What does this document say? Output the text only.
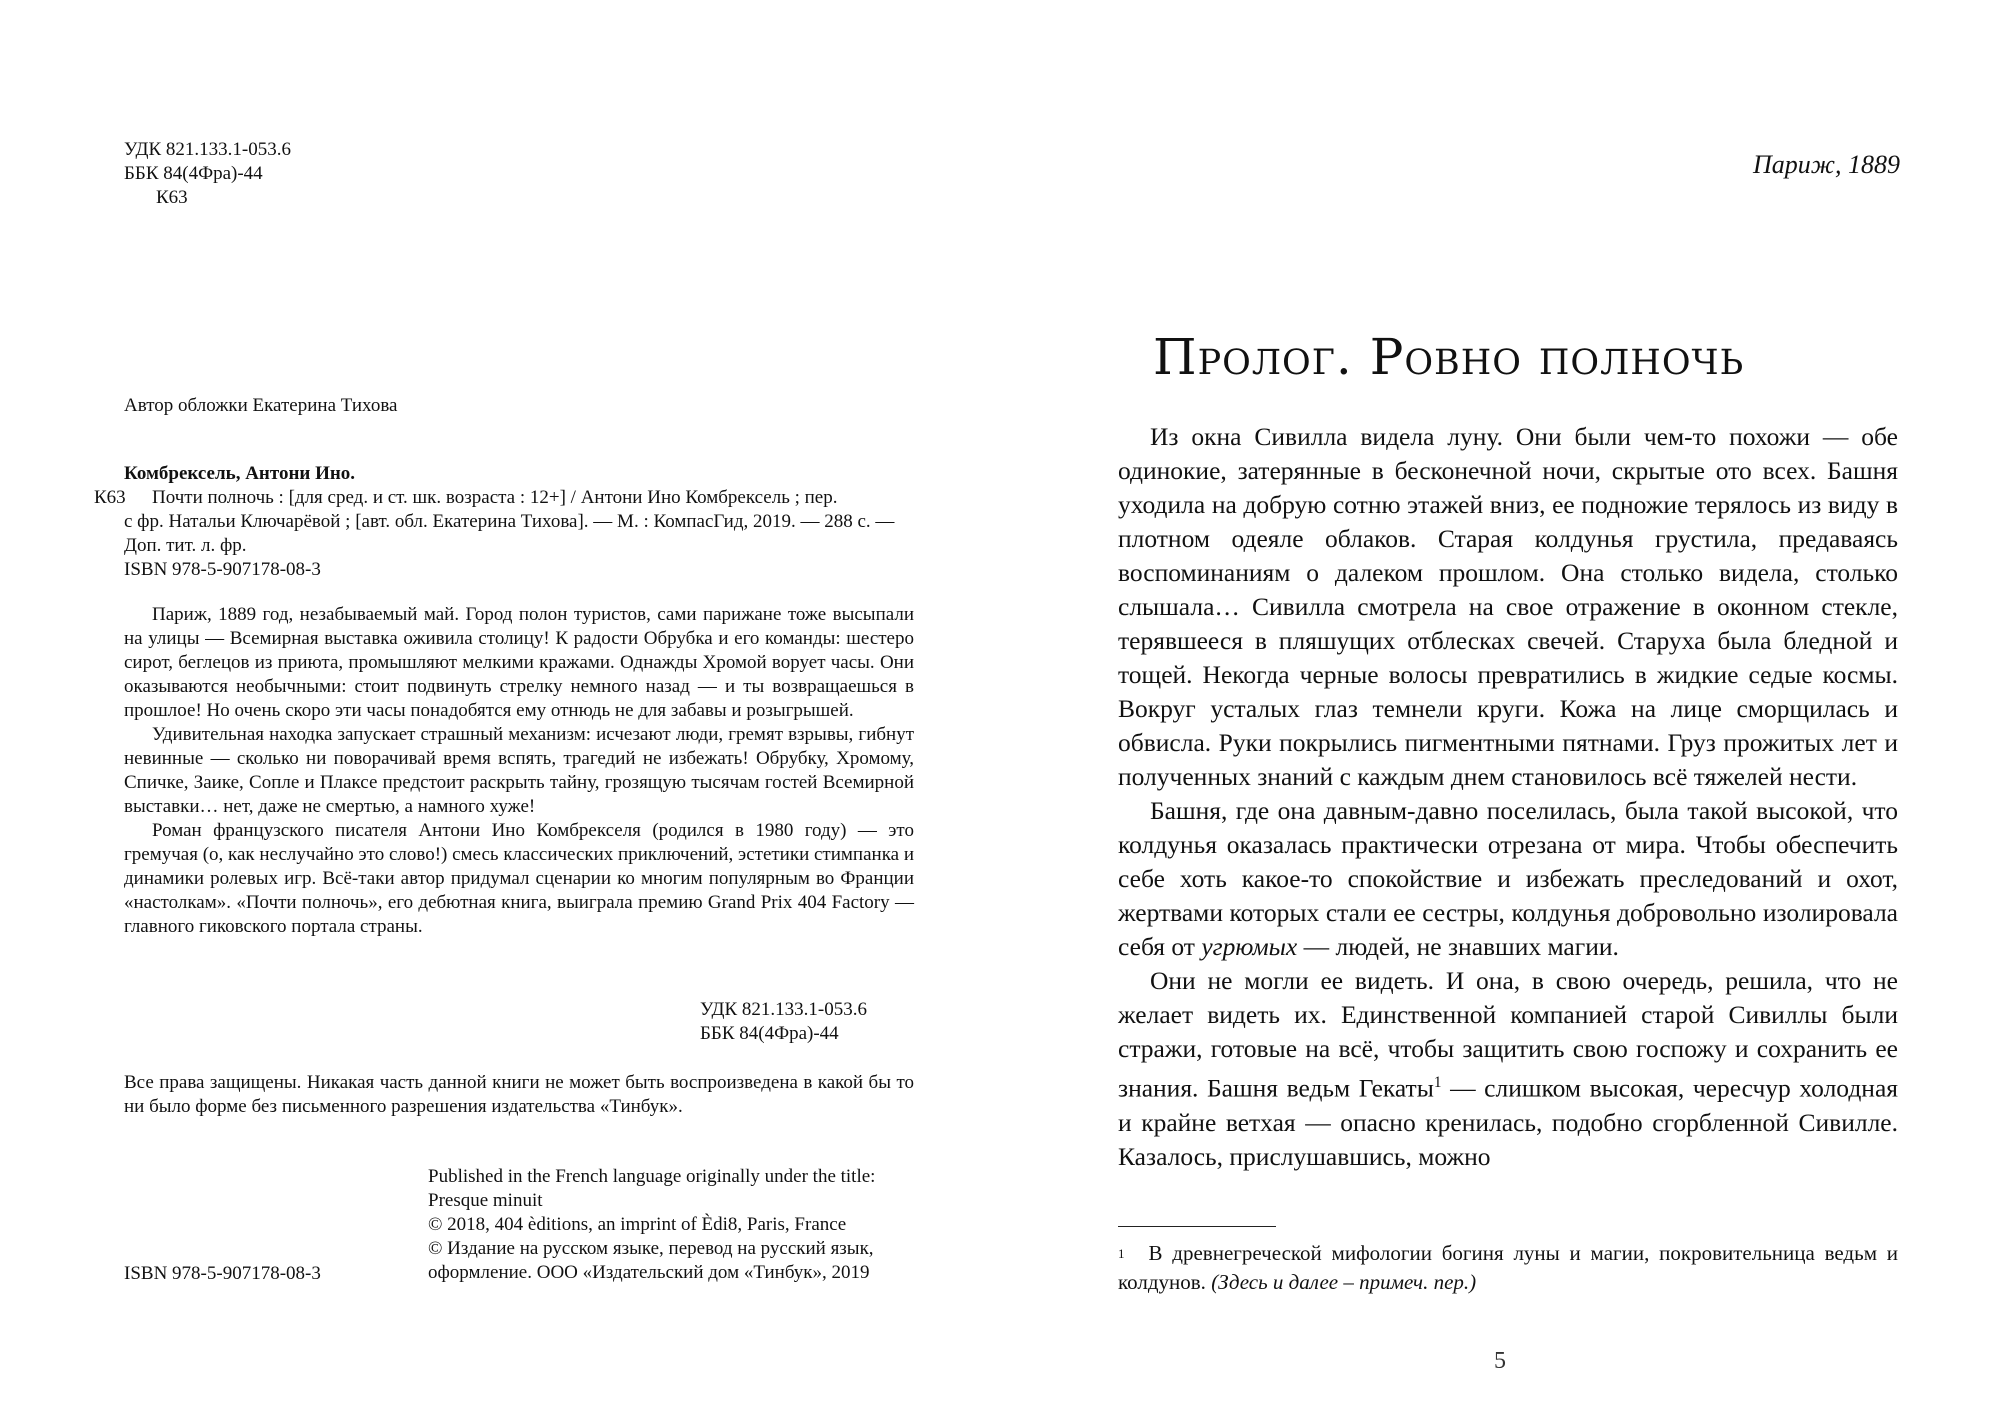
УДК 821.133.1-053.6
ББК 84(4Фра)-44
К63
Автор обложки Екатерина Тихова
Комбрексель, Антони Ино.
К63	Почти полночь : [для сред. и ст. шк. возраста : 12+] / Антони Ино Комбрексель ; пер.
с фр. Натальи Ключарёвой ; [авт. обл. Екатерина Тихова]. — М. : КомпасГид, 2019. — 288 с. —
Доп. тит. л. фр.
ISBN 978-5-907178-08-3

Париж, 1889 год, незабываемый май. Город полон туристов, сами парижане тоже высыпали на улицы — Всемирная выставка оживила столицу! К радости Обрубка и его команды: шестеро сирот, беглецов из приюта, промышляют мелкими кражами. Однажды Хромой ворует часы. Они оказываются необычными: стоит подвинуть стрелку немного назад — и ты возвращаешься в прошлое! Но очень скоро эти часы понадобятся ему отнюдь не для забавы и розыгрышей.

Удивительная находка запускает страшный механизм: исчезают люди, гремят взрывы, гибнут невинные — сколько ни поворачивай время вспять, трагедий не избежать! Обрубку, Хромому, Спичке, Заике, Сопле и Плаксе предстоит раскрыть тайну, грозящую тысячам гостей Всемирной выставки… нет, даже не смертью, а намного хуже!

Роман французского писателя Антони Ино Комбрекселя (родился в 1980 году) — это гремучая (о, как неслучайно это слово!) смесь классических приключений, эстетики стимпанка и динамики ролевых игр. Всё-таки автор придумал сценарии ко многим популярным во Франции «настолкам». «Почти полночь», его дебютная книга, выиграла премию Grand Prix 404 Factory — главного гиковского портала страны.

УДК 821.133.1-053.6
ББК 84(4Фра)-44
Все права защищены. Никакая часть данной книги не может быть воспроизведена в какой бы то ни было форме без письменного разрешения издательства «Тинбук».
Published in the French language originally under the title:
Presque minuit
© 2018, 404 èditions, an imprint of Èdi8, Paris, France
© Издание на русском языке, перевод на русский язык,
оформление. ООО «Издательский дом «Тинбук», 2019
ISBN 978-5-907178-08-3
Париж, 1889
Пролог. Ровно полночь

Из окна Сивилла видела луну. Они были чем-то похожи — обе одинокие, затерянные в бесконечной ночи, скрытые ото всех. Башня уходила на добрую сотню этажей вниз, ее подножие терялось из виду в плотном одеяле облаков. Старая колдунья грустила, предаваясь воспоминаниям о далеком прошлом. Она столько видела, столько слышала… Сивилла смотрела на свое отражение в оконном стекле, терявшееся в пляшущих отблесках свечей. Старуха была бледной и тощей. Некогда черные волосы превратились в жидкие седые космы. Вокруг усталых глаз темнели круги. Кожа на лице сморщилась и обвисла. Руки покрылись пигментными пятнами. Груз прожитых лет и полученных знаний с каждым днем становилось всё тяжелей нести.

Башня, где она давным-давно поселилась, была такой высокой, что колдунья оказалась практически отрезана от мира. Чтобы обеспечить себе хоть какое-то спокойствие и избежать преследований и охот, жертвами которых стали ее сестры, колдунья добровольно изолировала себя от угрюмых — людей, не знавших магии.

Они не могли ее видеть. И она, в свою очередь, решила, что не желает видеть их. Единственной компанией старой Сивиллы были стражи, готовые на всё, чтобы защитить свою госпожу и сохранить ее знания. Башня ведьм Гекаты$^1$ — слишком высокая, чересчур холодная и крайне ветхая — опасно кренилась, подобно сгорбленной Сивилле. Казалось, прислушавшись, можно

$^1$ В древнегреческой мифологии богиня луны и магии, покровительница ведьм и колдунов. (Здесь и далее – примеч. пер.)
5
